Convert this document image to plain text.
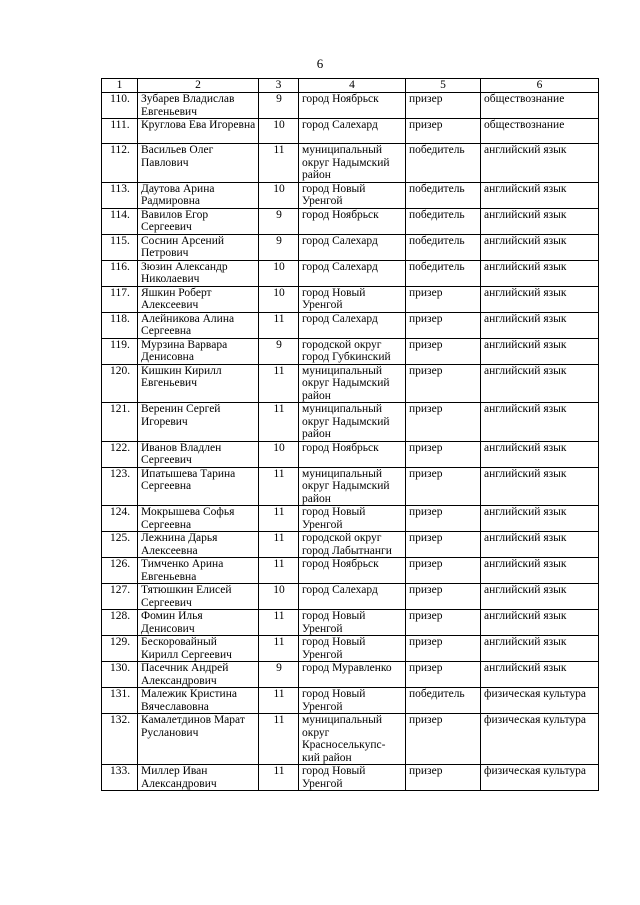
6
1	2	3	4	5	6
110.	Зубарев Владислав Евгеньевич	9	город Ноябрьск	призер	обществознание
111.	Круглова Ева Игоревна	10	город Салехард	призер	обществознание
112.	Васильев Олег Павлович	11	муниципальный округ Надымский район	победитель	английский язык
113.	Даутова Арина Радмировна	10	город Новый Уренгой	победитель	английский язык
114.	Вавилов Егор Сергеевич	9	город Ноябрьск	победитель	английский язык
115.	Соснин Арсений Петрович	9	город Салехард	победитель	английский язык
116.	Зюзин Александр Николаевич	10	город Салехард	победитель	английский язык
117.	Яшкин Роберт Алексеевич	10	город Новый Уренгой	призер	английский язык
118.	Алейникова Алина Сергеевна	11	город Салехард	призер	английский язык
119.	Мурзина Варвара Денисовна	9	городской округ город Губкинский	призер	английский язык
120.	Кишкин Кирилл Евгеньевич	11	муниципальный округ Надымский район	призер	английский язык
121.	Веренин Сергей Игоревич	11	муниципальный округ Надымский район	призер	английский язык
122.	Иванов Владлен Сергеевич	10	город Ноябрьск	призер	английский язык
123.	Ипатышева Тарина Сергеевна	11	муниципальный округ Надымский район	призер	английский язык
124.	Мокрышева Софья Сергеевна	11	город Новый Уренгой	призер	английский язык
125.	Лежнина Дарья Алексеевна	11	городской округ город Лабытнанги	призер	английский язык
126.	Тимченко Арина Евгеньевна	11	город Ноябрьск	призер	английский язык
127.	Тятюшкин Елисей Сергеевич	10	город Салехард	призер	английский язык
128.	Фомин Илья Денисович	11	город Новый Уренгой	призер	английский язык
129.	Бескоровайный Кирилл Сергеевич	11	город Новый Уренгой	призер	английский язык
130.	Пасечник Андрей Александрович	9	город Муравленко	призер	английский язык
131.	Малежик Кристина Вячеславовна	11	город Новый Уренгой	победитель	физическая культура
132.	Камалетдинов Марат Русланович	11	муниципальный округ Красноселькупс-кий район	призер	физическая культура
133.	Миллер Иван Александрович	11	город Новый Уренгой	призер	физическая культура
